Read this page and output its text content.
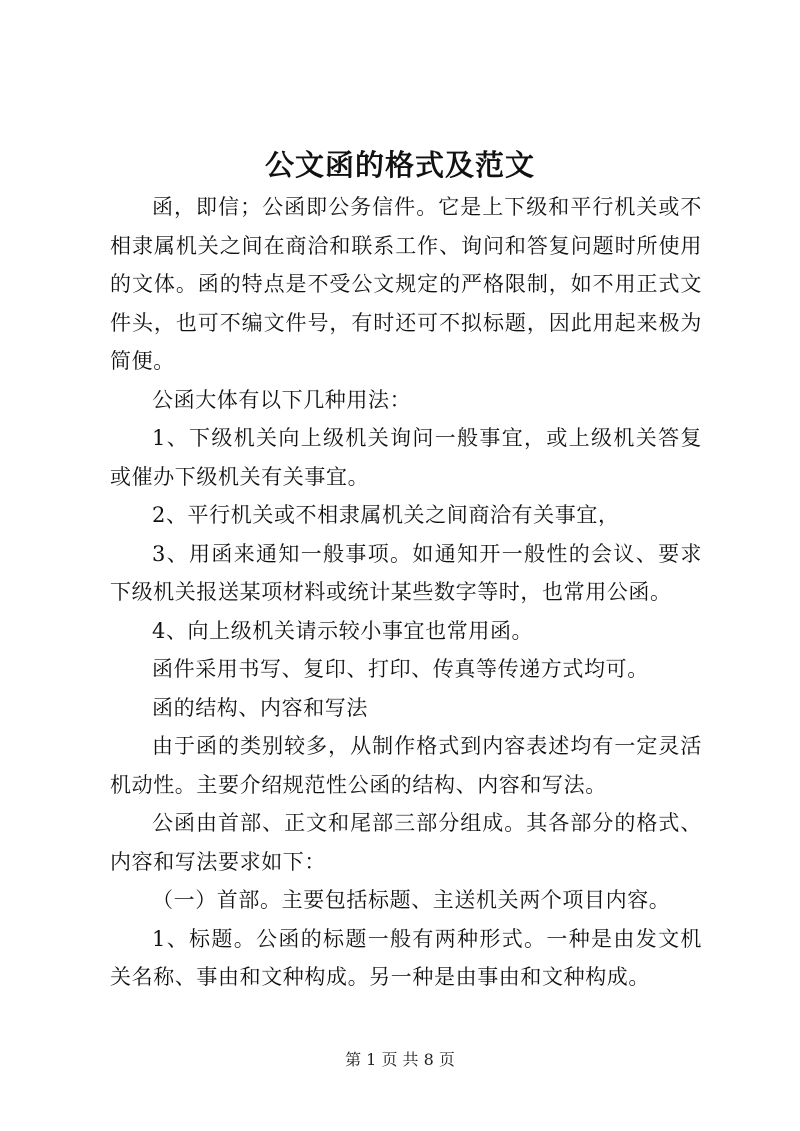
公文函的格式及范文

函，即信；公函即公务信件。它是上下级和平行机关或不相隶属机关之间在商洽和联系工作、询问和答复问题时所使用的文体。函的特点是不受公文规定的严格限制，如不用正式文件头，也可不编文件号，有时还可不拟标题，因此用起来极为简便。

公函大体有以下几种用法：

1、下级机关向上级机关询问一般事宜，或上级机关答复或催办下级机关有关事宜。

2、平行机关或不相隶属机关之间商洽有关事宜，

3、用函来通知一般事项。如通知开一般性的会议、要求下级机关报送某项材料或统计某些数字等时，也常用公函。

4、向上级机关请示较小事宜也常用函。

函件采用书写、复印、打印、传真等传递方式均可。

函的结构、内容和写法

由于函的类别较多，从制作格式到内容表述均有一定灵活机动性。主要介绍规范性公函的结构、内容和写法。

公函由首部、正文和尾部三部分组成。其各部分的格式、内容和写法要求如下：

（一）首部。主要包括标题、主送机关两个项目内容。

1、标题。公函的标题一般有两种形式。一种是由发文机关名称、事由和文种构成。另一种是由事由和文种构成。

第 1 页 共 8 页
